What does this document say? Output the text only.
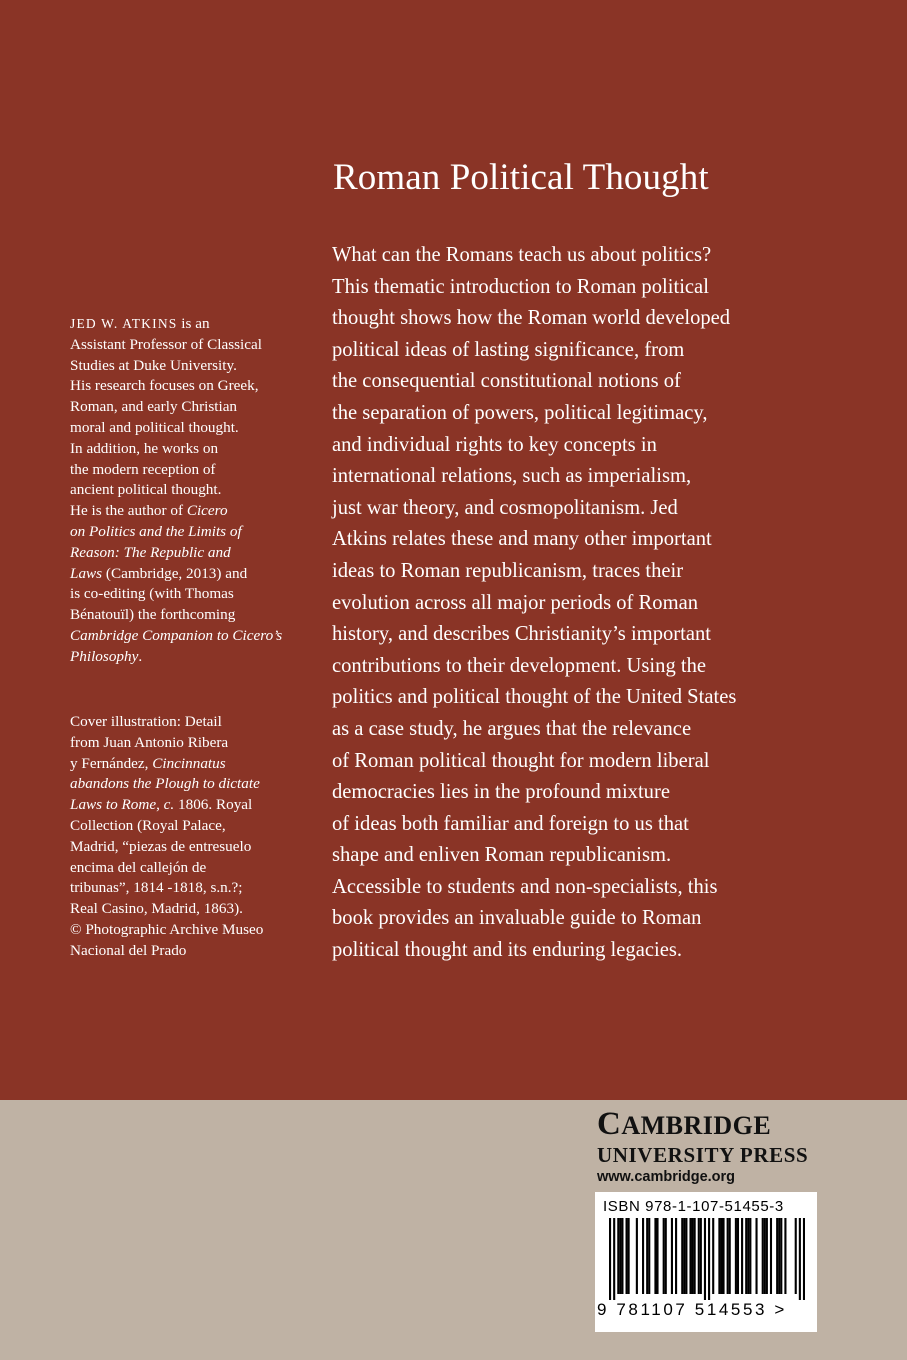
Roman Political Thought
What can the Romans teach us about politics?
This thematic introduction to Roman political
thought shows how the Roman world developed
political ideas of lasting significance, from
the consequential constitutional notions of
the separation of powers, political legitimacy,
and individual rights to key concepts in
international relations, such as imperialism,
just war theory, and cosmopolitanism. Jed
Atkins relates these and many other important
ideas to Roman republicanism, traces their
evolution across all major periods of Roman
history, and describes Christianity’s important
contributions to their development. Using the
politics and political thought of the United States
as a case study, he argues that the relevance
of Roman political thought for modern liberal
democracies lies in the profound mixture
of ideas both familiar and foreign to us that
shape and enliven Roman republicanism.
Accessible to students and non-specialists, this
book provides an invaluable guide to Roman
political thought and its enduring legacies.
JED W. ATKINS is an
Assistant Professor of Classical
Studies at Duke University.
His research focuses on Greek,
Roman, and early Christian
moral and political thought.
In addition, he works on
the modern reception of
ancient political thought.
He is the author of Cicero
on Politics and the Limits of
Reason: The Republic and
Laws (Cambridge, 2013) and
is co-editing (with Thomas
Bénatouïl) the forthcoming
Cambridge Companion to Cicero’s
Philosophy.
Cover illustration: Detail
from Juan Antonio Ribera
y Fernández, Cincinnatus
abandons the Plough to dictate
Laws to Rome, c. 1806. Royal
Collection (Royal Palace,
Madrid, “piezas de entresuelo
encima del callejón de
tribunas”, 1814 -1818, s.n.?;
Real Casino, Madrid, 1863).
© Photographic Archive Museo
Nacional del Prado

CAMBRIDGE

UNIVERSITY PRESS

www.cambridge.org

ISBN 978-1-107-51455-3
9 781107 514553 >
